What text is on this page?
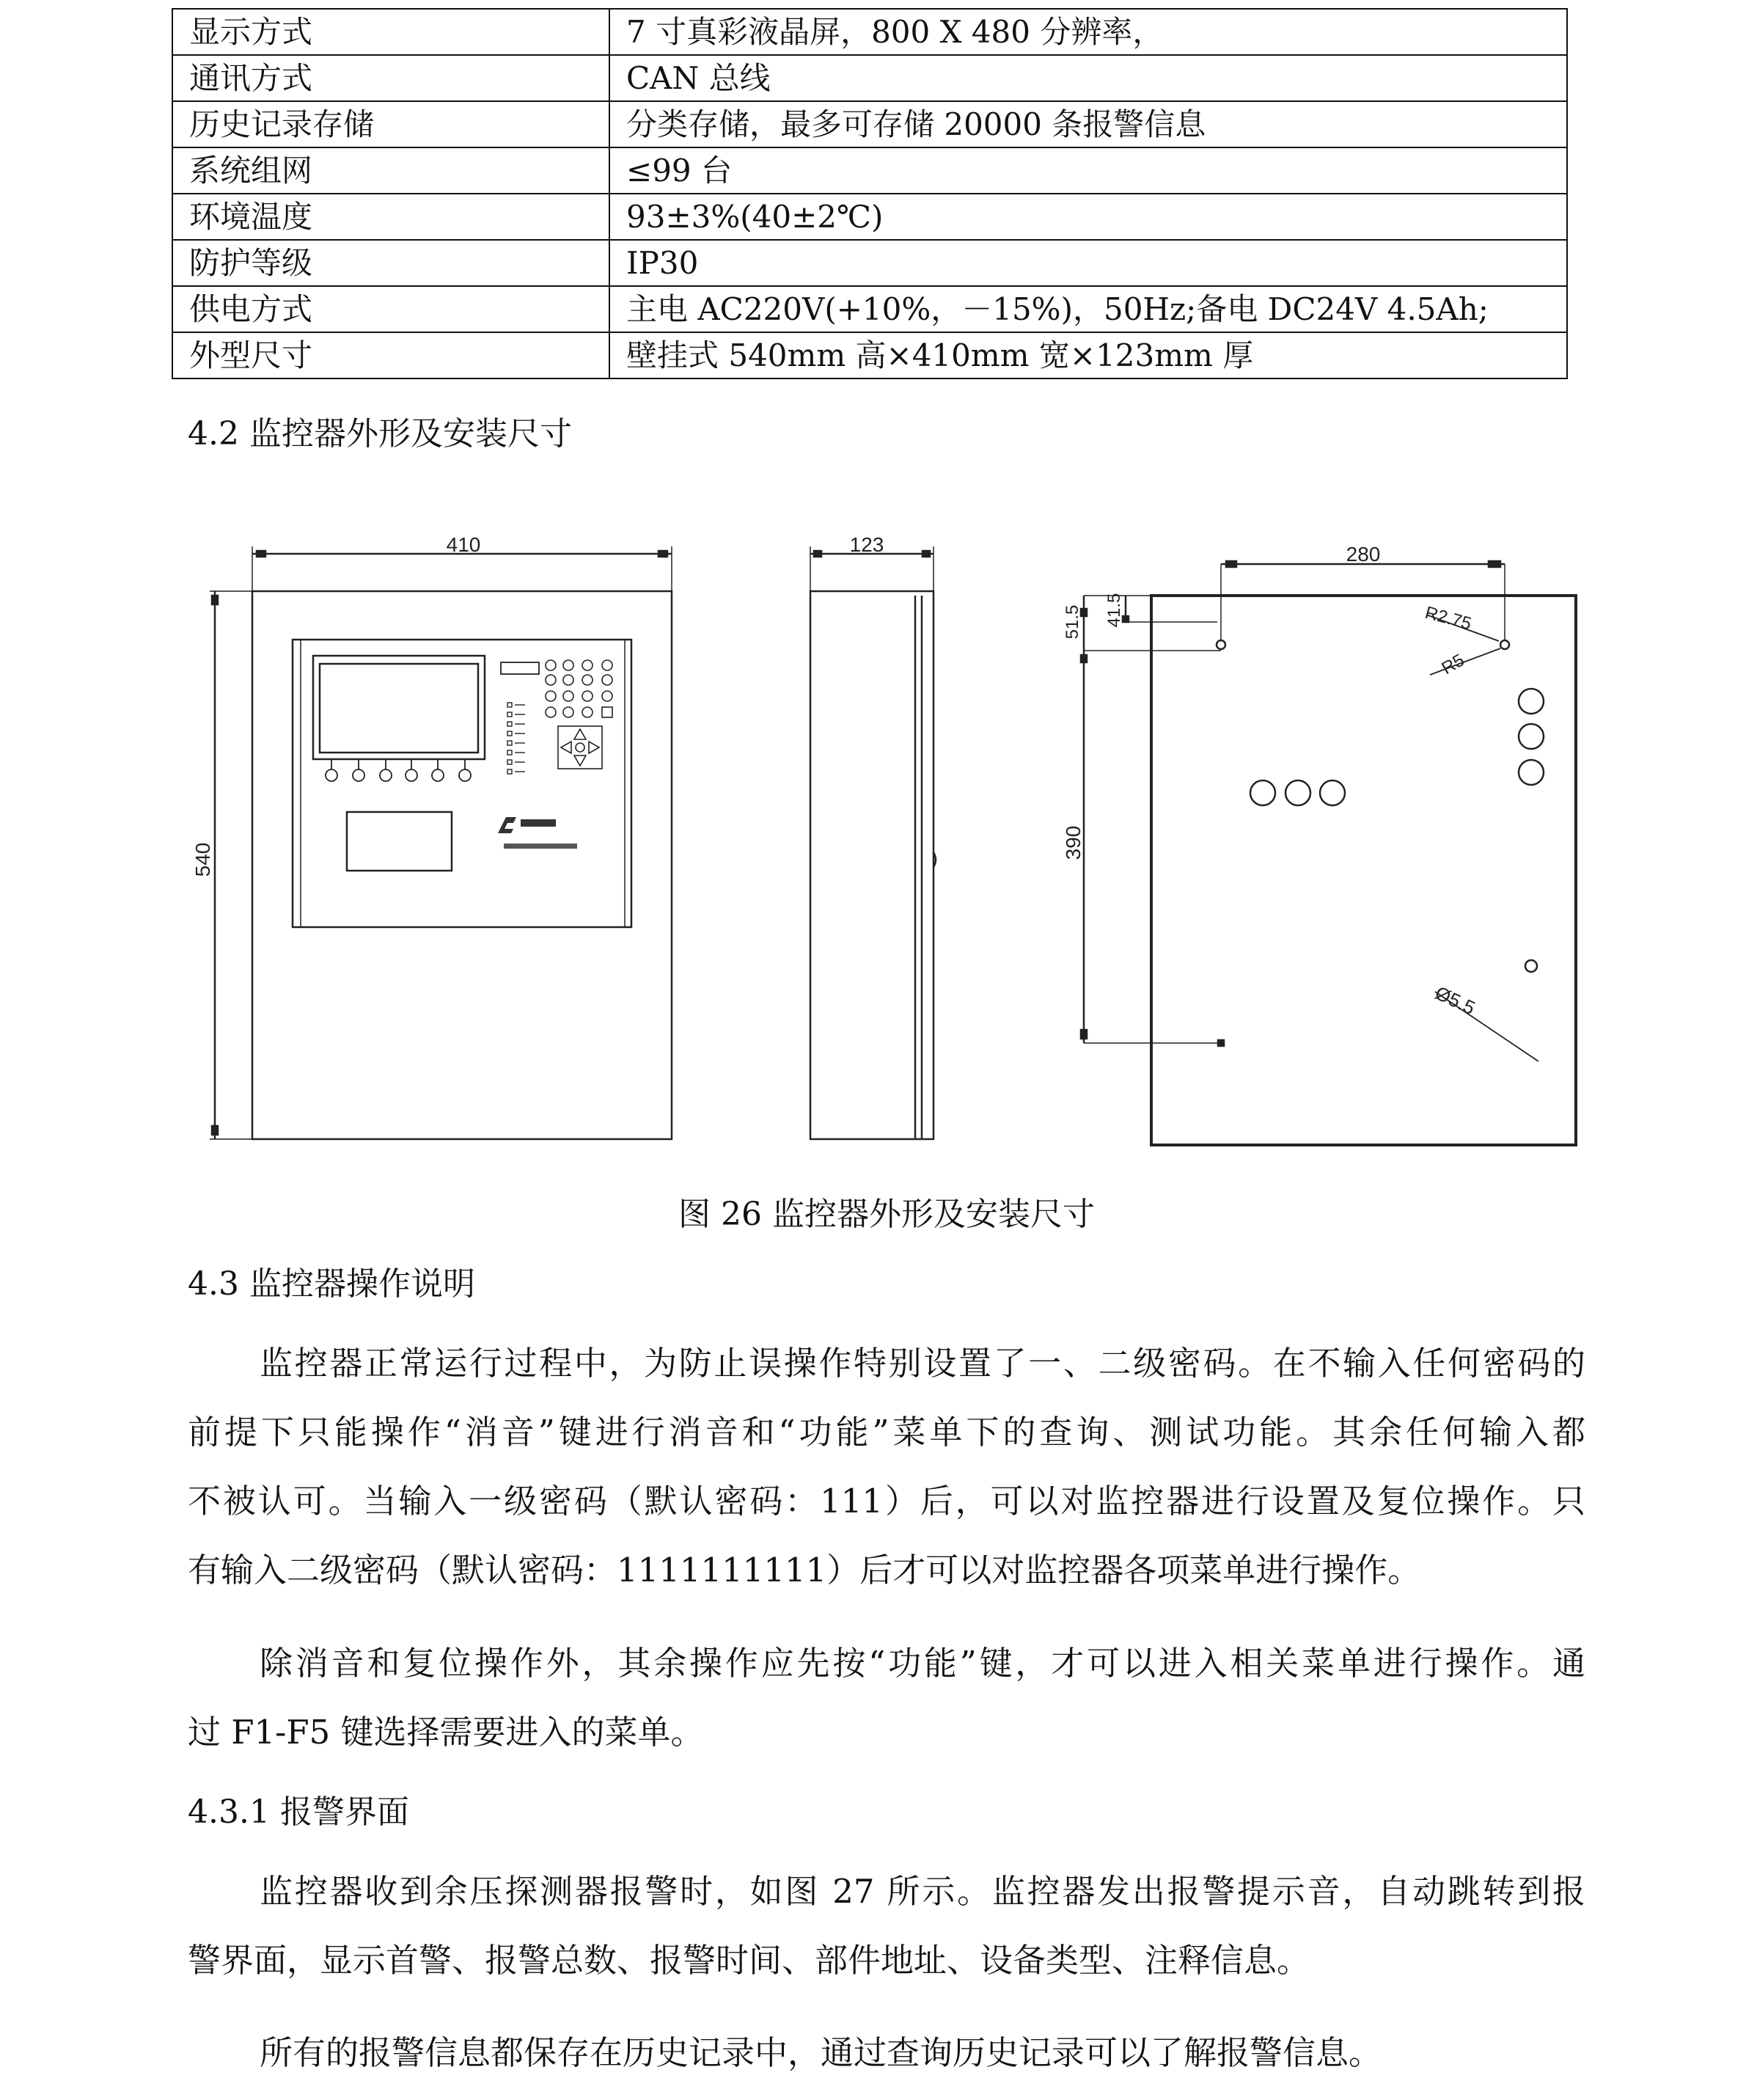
显示方式	7 寸真彩液晶屏，800 X 480 分辨率，
通讯方式	CAN 总线
历史记录存储	分类存储，最多可存储 20000 条报警信息
系统组网	≤99 台
环境温度	93±3%(40±2℃)
防护等级	IP30
供电方式	主电 AC220V(+10%，－15%)，50Hz;备电 DC24V 4.5Ah;
外型尺寸	壁挂式 540mm 高×410mm 宽×123mm 厚
4.2 监控器外形及安装尺寸
410
540
123	280
51.5 41.5
390
R2.75
R5
Ø5.5
图 26 监控器外形及安装尺寸
4.3 监控器操作说明
监控器正常运行过程中，为防止误操作特别设置了一、二级密码。在不输入任何密码的
前提下只能操作“消音”键进行消音和“功能”菜单下的查询、测试功能。其余任何输入都
不被认可。当输入一级密码（默认密码：111）后，可以对监控器进行设置及复位操作。只
有输入二级密码（默认密码：1111111111）后才可以对监控器各项菜单进行操作。
除消音和复位操作外，其余操作应先按“功能”键，才可以进入相关菜单进行操作。通
过 F1-F5 键选择需要进入的菜单。
4.3.1 报警界面
监控器收到余压探测器报警时，如图 27 所示。监控器发出报警提示音，自动跳转到报
警界面，显示首警、报警总数、报警时间、部件地址、设备类型、注释信息。
所有的报警信息都保存在历史记录中，通过查询历史记录可以了解报警信息。
